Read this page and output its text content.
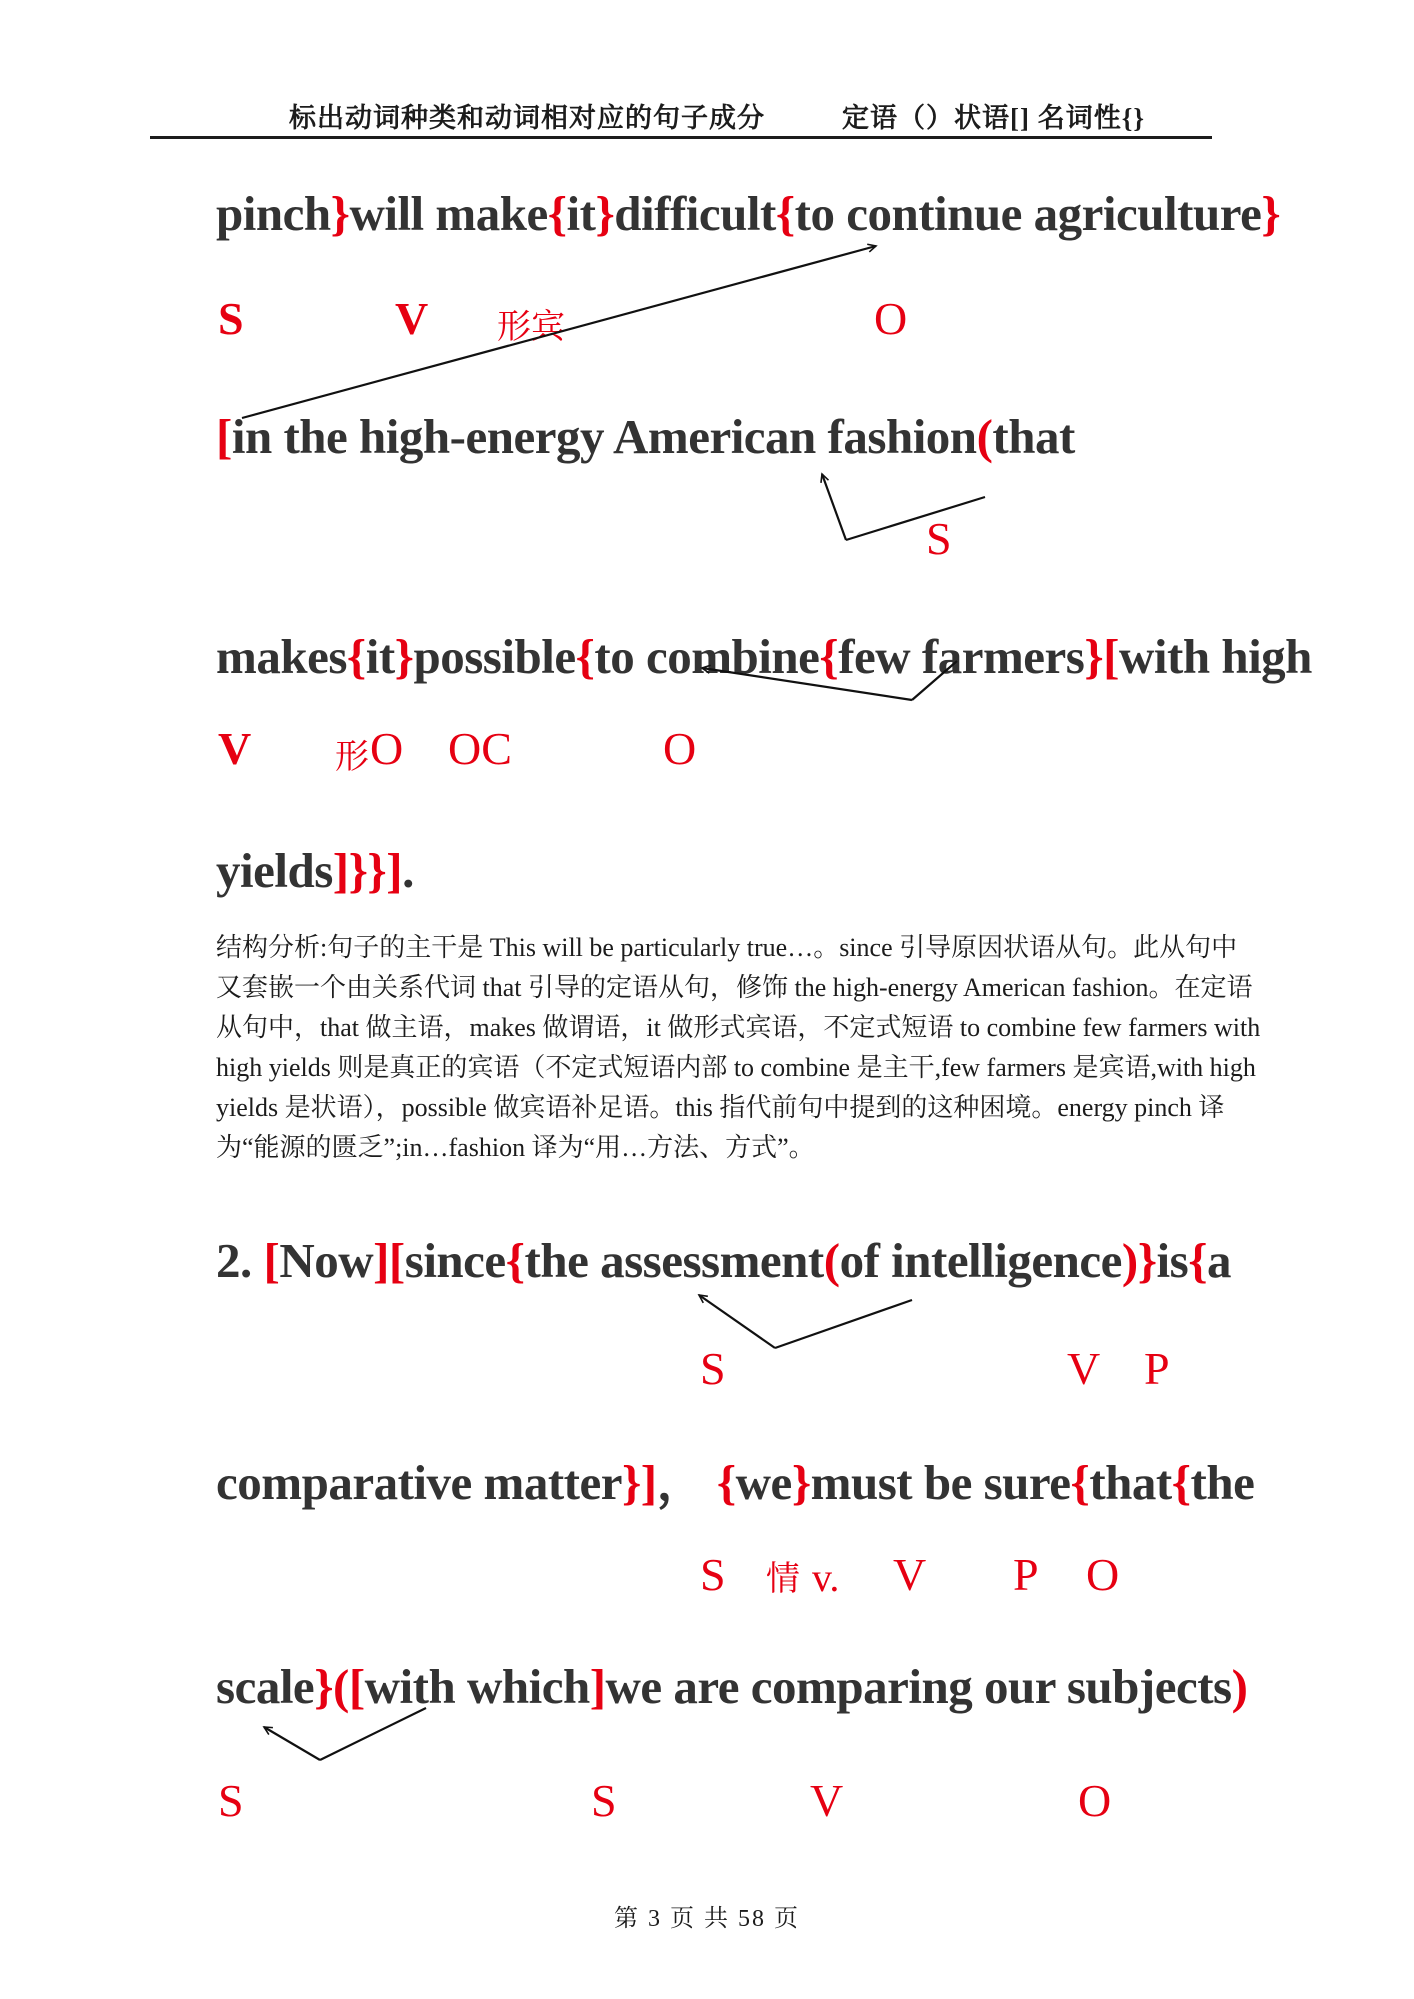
标出动词种类和动词相对应的句子成分	定语（）状语[] 名词性{}
pinch}will make{it}difficult{to continue agriculture}
S	V 形宾	O
[in the high-energy American fashion(that
S
makes{it}possible{to combine{few farmers}[with high
V 形 O OC	O
yields]}}].
结构分析:句子的主干是 This will be particularly true…。since 引导原因状语从句。此从句中
又套嵌一个由关系代词 that 引导的定语从句，修饰 the high-energy American fashion。在定语
从句中，that 做主语，makes 做谓语，it 做形式宾语，不定式短语 to combine few farmers with
high yields 则是真正的宾语（不定式短语内部 to combine 是主干,few farmers 是宾语,with high
yields 是状语），possible 做宾语补足语。this 指代前句中提到的这种困境。energy pinch 译
为“能源的匮乏”;in…fashion 译为“用…方法、方式”。
2. [Now][since{the assessment(of intelligence)}is{a
S	V P
comparative matter}]， {we}must be sure{that{the
S 情 v. V P O
scale}([with which]we are comparing our subjects)
S	S	V	O
第 3 页 共 58 页
